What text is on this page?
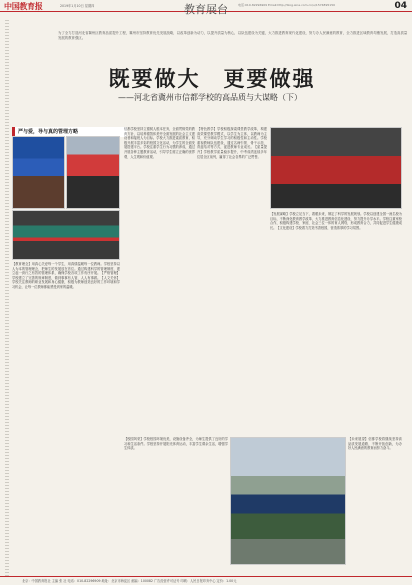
中国教育报	2019年1月10日 星期四	教育展台	电话:010-82296909 Email:http://blog.sina.com.cn/u/1574895150	04
为了全力打造河北省冀州区教育品质提升工程，冀州市坚持教育优先发展战略，以改革创新为动力，以提升质量为核心，以队伍建设为关键，大力推进教育现代化建设，努力办人民满意的教育，全力推进区域教育均衡发展，打造高质量发展的教育强区。
既要做大　更要做强
——河北省冀州市信都学校的高品质与大谋略（下）
严与爱，导与真的管理方略
【教育理念】用真心关爱每一个学生，用真情温暖每一位教师。学校坚持以人为本的管理理念，把师生的发展放在首位。通过构建科学的管理制度，建立起一套行之有效的管理体系，确保学校各项工作有序开展。【严格管理】学校建立了完善的规章制度，做到事事有人管，人人有事做。【人文关怀】学校关注教师的职业发展和身心健康，积极为教师创造良好的工作环境和学习机会，让每一位教师都能感受到家的温暖。
信都学校坚持立德树人根本任务，全面贯彻党的教育方针，以培养德智体美劳全面发展的社会主义建设者和接班人为目标。学校大力推进素质教育，积极开展丰富多彩的校园文化活动，为学生的全面发展搭建平台。学校注重学生行为习惯的养成，通过开展各种主题教育活动，引导学生树立正确的世界观、人生观和价值观。
【特色教学】学校积极探索课堂教学改革，构建高效课堂教学模式，以学生为主体，以教师为主导，充分调动学生学习的积极性和主动性。学校重视教师队伍建设，通过名师引领、骨干示范、青蓝结对等方式，促进教师专业成长。【质量提升】学校教学质量稳步提升，中考成绩连续多年位居全区前列，赢得了社会各界的广泛赞誉。
【发展谋略】学校立足当下，着眼未来，制定了科学的发展规划。学校以创建全国一流名校为目标，不断深化教育教学改革，大力推进教育信息化建设，努力提升办学水平。学校注重家校合作，积极构建学校、家庭、社会三位一体的育人网络，形成教育合力，共同促进学生健康成长。【文化建设】学校着力打造书香校园，营造浓厚的学习氛围。
【未来展望】信都学校将继续坚持高品质发展道路，不断开拓创新，为办好人民满意的教育而努力奋斗。
【校园风采】学校校园环境优美，设施设备齐全，为师生提供了良好的学习和生活条件。学校坚持开展阳光体育运动，丰富学生课余生活，增强学生体质。
北京：中国教育报社 主编 张 社 电话：010-82296909 地址：北京市海淀区 邮编：100082 广告经营许可证号 印刷：人民日报印务中心 定价：1.00元
